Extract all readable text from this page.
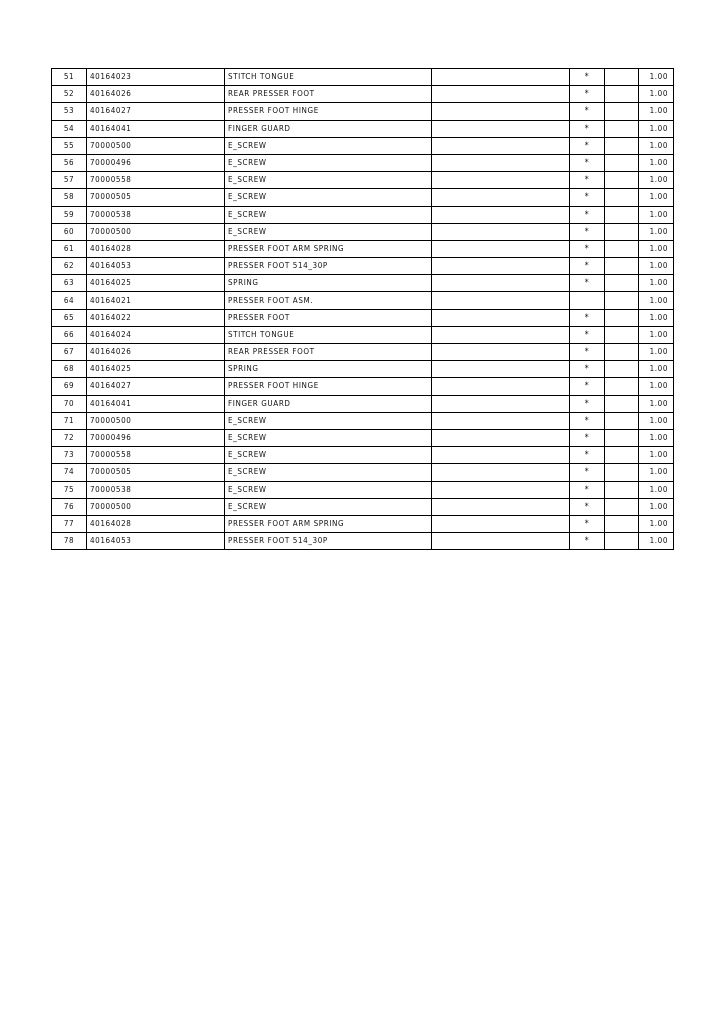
51	40164023	STITCH TONGUE		*		1.00
52	40164026	REAR PRESSER FOOT		*		1.00
53	40164027	PRESSER FOOT HINGE		*		1.00
54	40164041	FINGER GUARD		*		1.00
55	70000500	E_SCREW		*		1.00
56	70000496	E_SCREW		*		1.00
57	70000558	E_SCREW		*		1.00
58	70000505	E_SCREW		*		1.00
59	70000538	E_SCREW		*		1.00
60	70000500	E_SCREW		*		1.00
61	40164028	PRESSER FOOT ARM SPRING		*		1.00
62	40164053	PRESSER FOOT 514_30P		*		1.00
63	40164025	SPRING		*		1.00
64	40164021	PRESSER FOOT ASM.				1.00
65	40164022	PRESSER FOOT		*		1.00
66	40164024	STITCH TONGUE		*		1.00
67	40164026	REAR PRESSER FOOT		*		1.00
68	40164025	SPRING		*		1.00
69	40164027	PRESSER FOOT HINGE		*		1.00
70	40164041	FINGER GUARD		*		1.00
71	70000500	E_SCREW		*		1.00
72	70000496	E_SCREW		*		1.00
73	70000558	E_SCREW		*		1.00
74	70000505	E_SCREW		*		1.00
75	70000538	E_SCREW		*		1.00
76	70000500	E_SCREW		*		1.00
77	40164028	PRESSER FOOT ARM SPRING		*		1.00
78	40164053	PRESSER FOOT 514_30P		*		1.00
